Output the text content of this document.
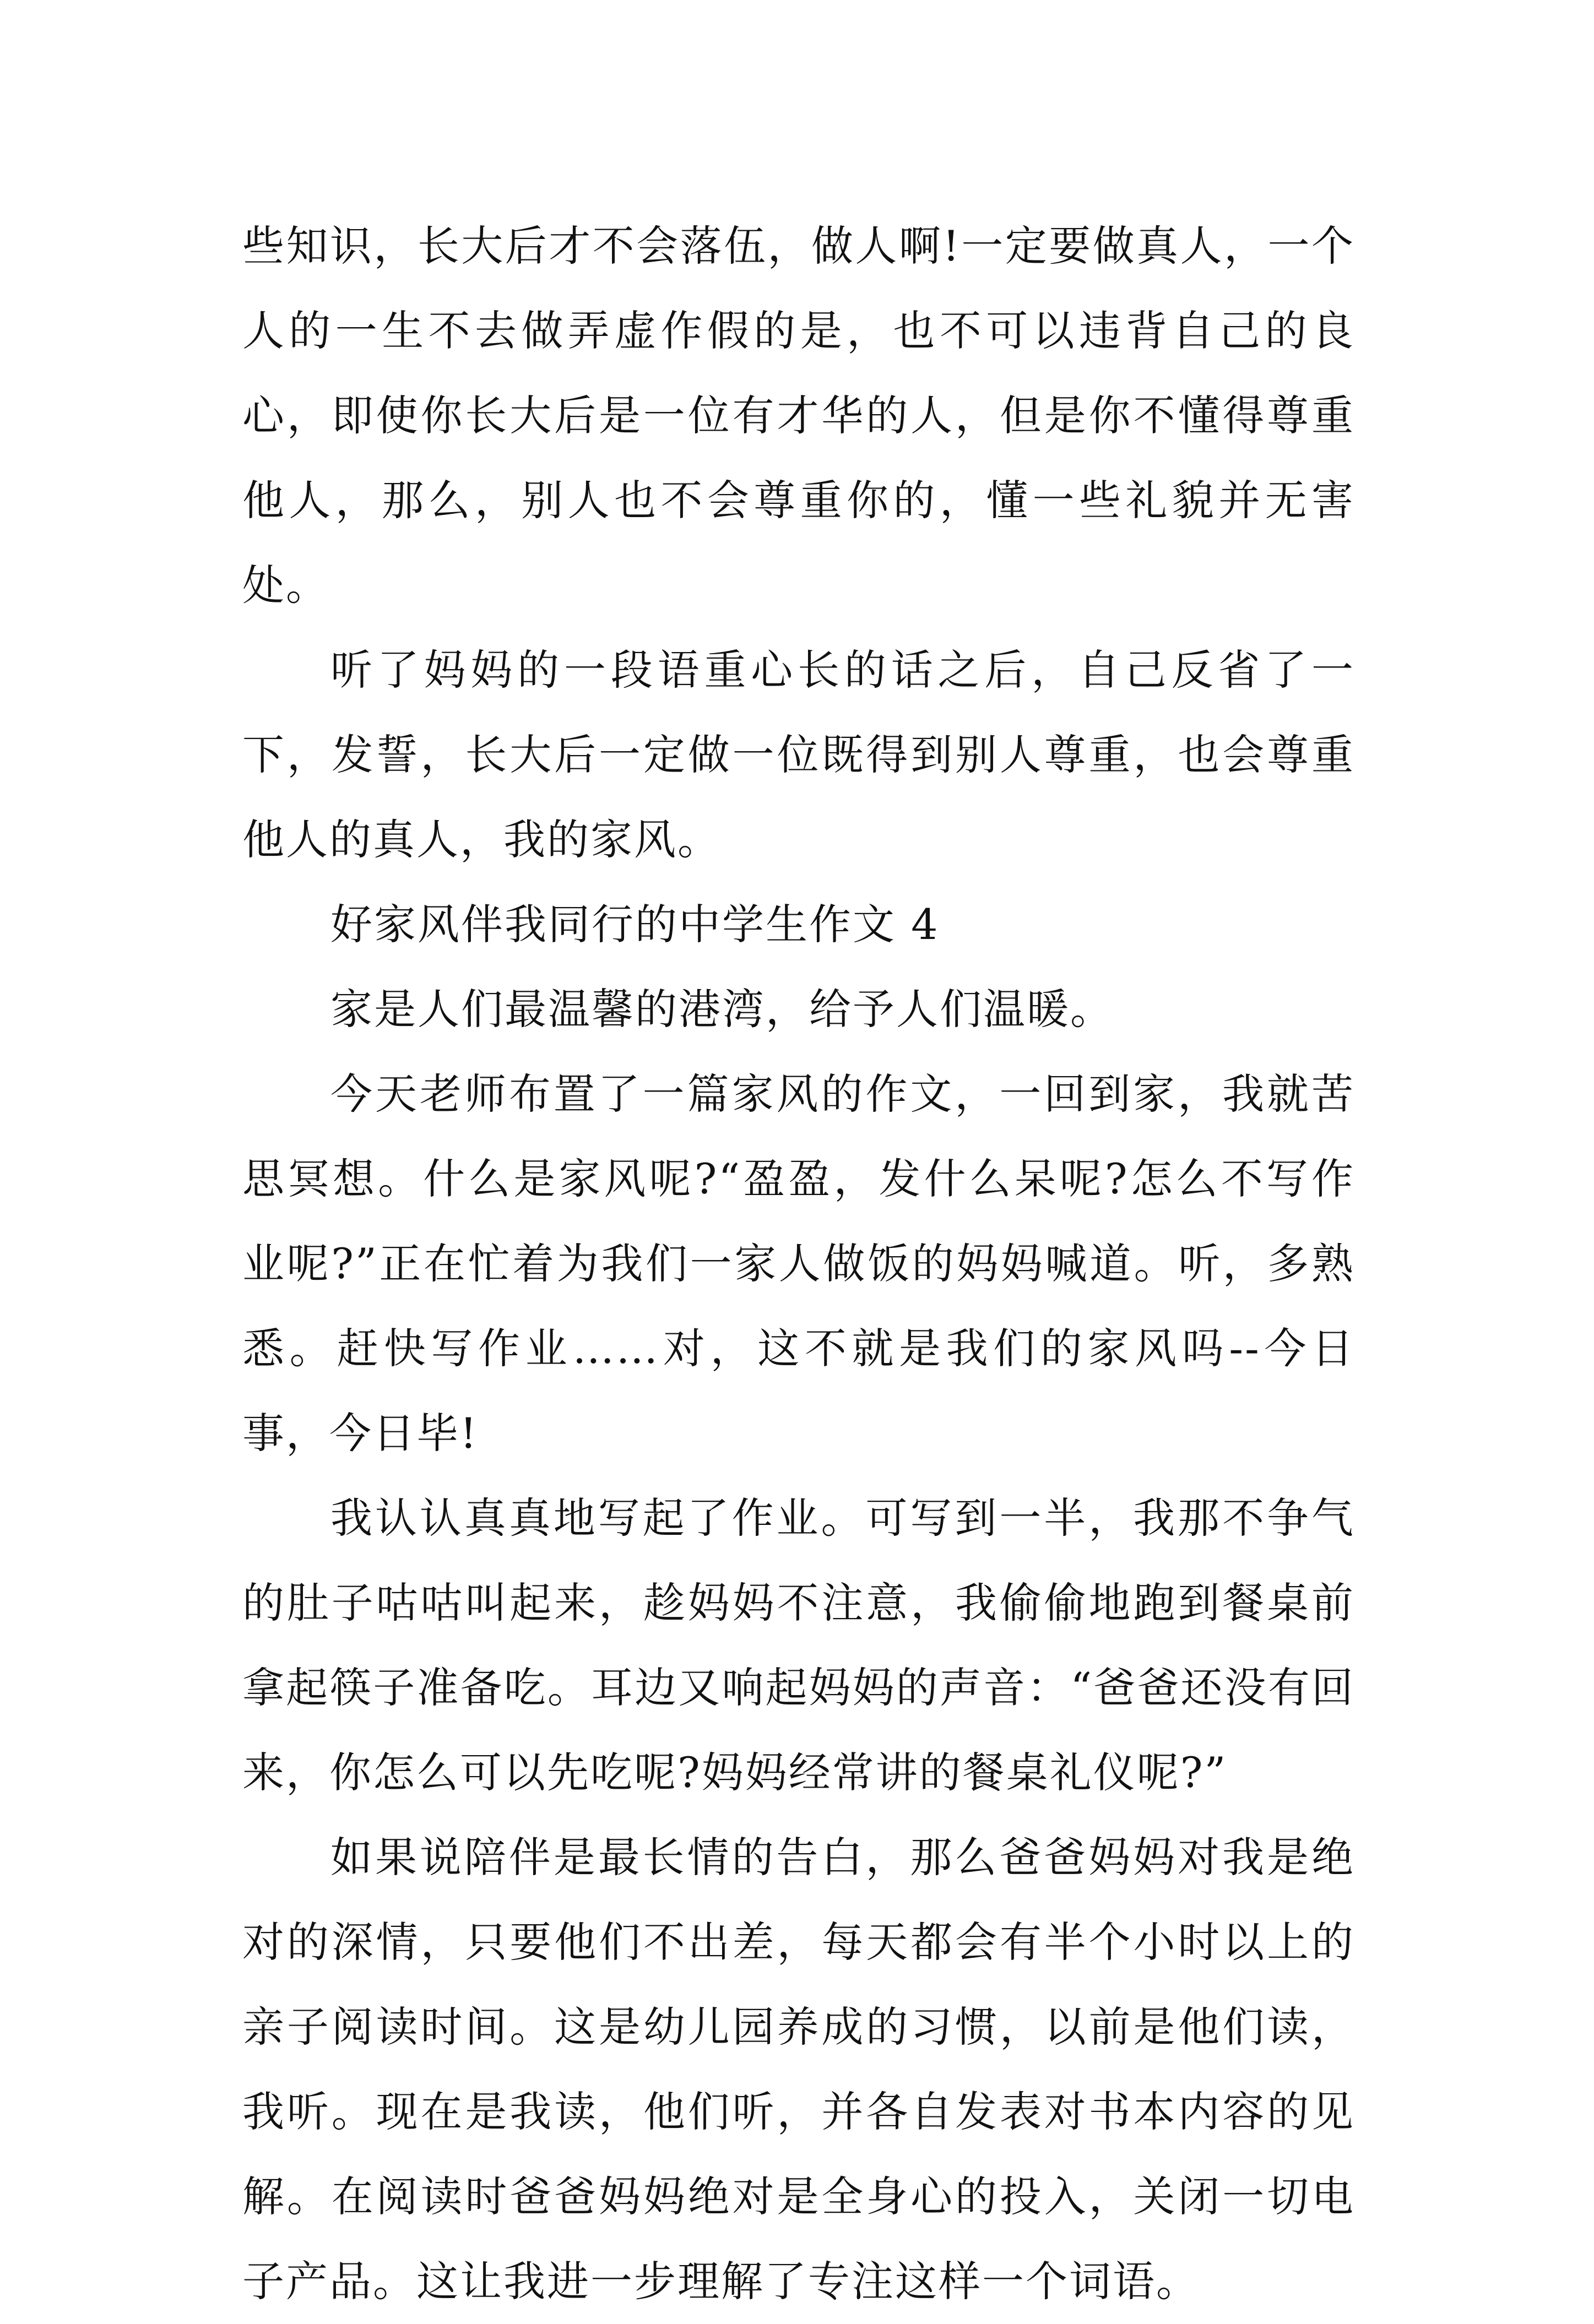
些知识，长大后才不会落伍，做人啊!一定要做真人，一个人的一生不去做弄虚作假的是，也不可以违背自己的良心，即使你长大后是一位有才华的人，但是你不懂得尊重他人，那么，别人也不会尊重你的，懂一些礼貌并无害处。

听了妈妈的一段语重心长的话之后，自己反省了一下，发誓，长大后一定做一位既得到别人尊重，也会尊重他人的真人，我的家风。

好家风伴我同行的中学生作文 4

家是人们最温馨的港湾，给予人们温暖。

今天老师布置了一篇家风的作文，一回到家，我就苦思冥想。什么是家风呢?“盈盈，发什么呆呢?怎么不写作业呢?”正在忙着为我们一家人做饭的妈妈喊道。听，多熟悉。赶快写作业……对，这不就是我们的家风吗--今日事，今日毕!

我认认真真地写起了作业。可写到一半，我那不争气的肚子咕咕叫起来，趁妈妈不注意，我偷偷地跑到餐桌前拿起筷子准备吃。耳边又响起妈妈的声音：“爸爸还没有回来，你怎么可以先吃呢?妈妈经常讲的餐桌礼仪呢?”

如果说陪伴是最长情的告白，那么爸爸妈妈对我是绝对的深情，只要他们不出差，每天都会有半个小时以上的亲子阅读时间。这是幼儿园养成的习惯，以前是他们读，我听。现在是我读，他们听，并各自发表对书本内容的见解。在阅读时爸爸妈妈绝对是全身心的投入，关闭一切电子产品。这让我进一步理解了专注这样一个词语。
